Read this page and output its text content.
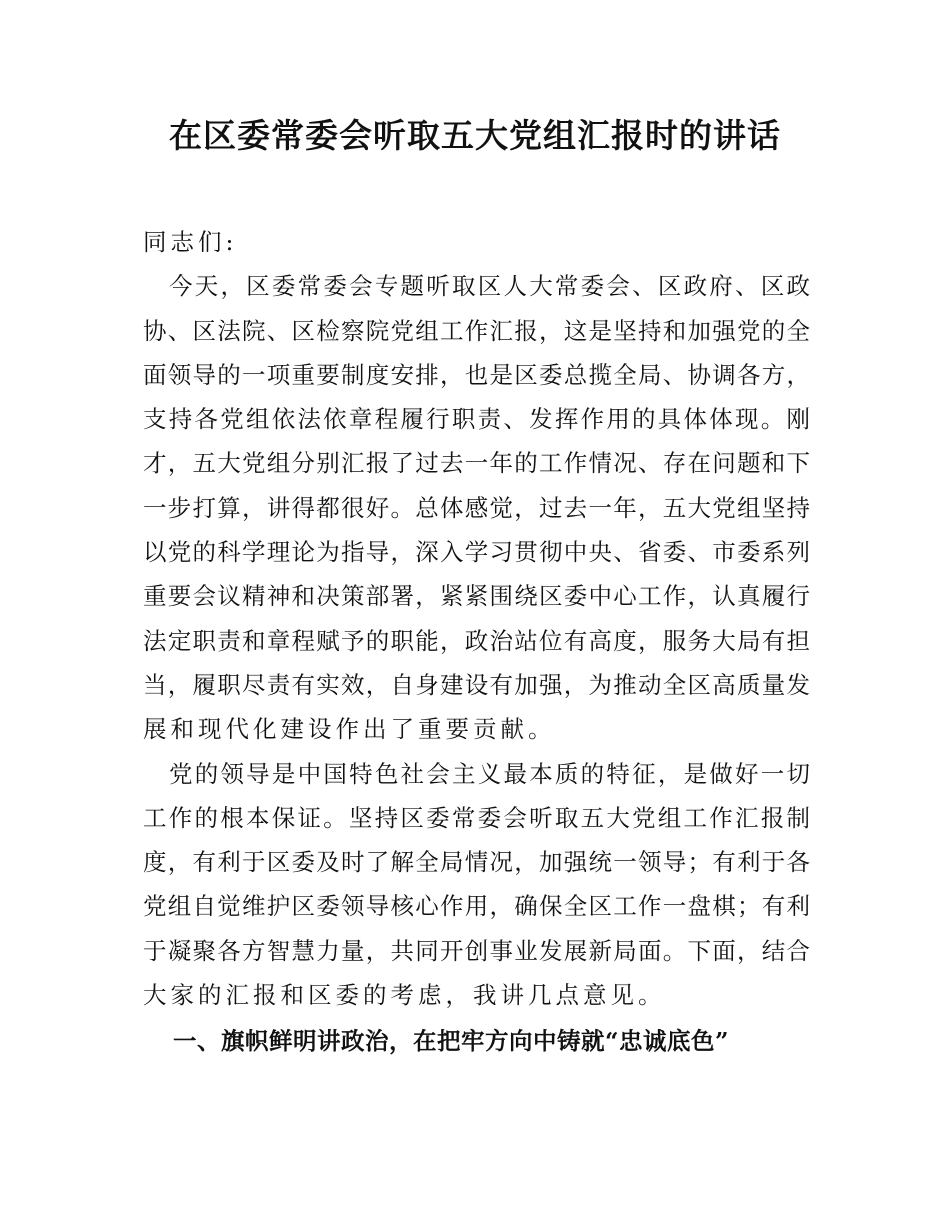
在区委常委会听取五大党组汇报时的讲话
同志们:
今天，区委常委会专题听取区人大常委会、区政府、区政
协、区法院、区检察院党组工作汇报，这是坚持和加强党的全
面领导的一项重要制度安排，也是区委总揽全局、协调各方，
支持各党组依法依章程履行职责、发挥作用的具体体现。刚
才，五大党组分别汇报了过去一年的工作情况、存在问题和下
一步打算，讲得都很好。总体感觉，过去一年，五大党组坚持
以党的科学理论为指导，深入学习贯彻中央、省委、市委系列
重要会议精神和决策部署，紧紧围绕区委中心工作，认真履行
法定职责和章程赋予的职能，政治站位有高度，服务大局有担
当，履职尽责有实效，自身建设有加强，为推动全区高质量发
展和现代化建设作出了重要贡献。
党的领导是中国特色社会主义最本质的特征，是做好一切
工作的根本保证。坚持区委常委会听取五大党组工作汇报制
度，有利于区委及时了解全局情况，加强统一领导；有利于各
党组自觉维护区委领导核心作用，确保全区工作一盘棋；有利
于凝聚各方智慧力量，共同开创事业发展新局面。下面，结合
大家的汇报和区委的考虑，我讲几点意见。
一、旗帜鲜明讲政治，在把牢方向中铸就“忠诚底色”
